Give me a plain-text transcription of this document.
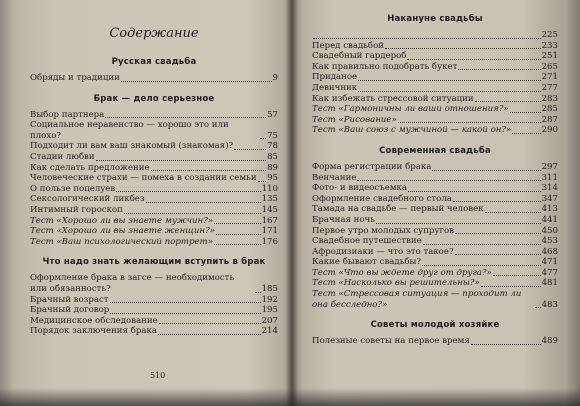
Содержание
Русская свадьба
Обряды и традиции	9
Брак — дело серьезное
Выбор партнера	57
Социальное неравенство — хорошо это или плохо?	75
Подходит ли вам ваш знакомый (знакомая)?	78
Стадии любви	85
Как сделать предложение	89
Человеческие страхи — помеха в создании семьи 95
О пользе поцелуев	110
Сексологический ликбез	135
Интимный гороскоп	145
Тест «Хорошо ли вы знаете мужчин?»	167
Тест «Хорошо ли вы знаете женщин?»	171
Тест «Ваш психологический портрет»	176
Что надо знать желающим вступить в брак
Оформление брака в загсе — необходимость или обязанность?	185
Брачный возраст	192
Брачный договор	195
Медицинское обследование	207
Порядок заключения брака	214
510
Накануне свадьбы
225
Перед свадьбой	233
Свадебный гардероб	251
Как правильно подобрать букет	265
Приданое	271
Девичник	277
Как избежать стрессовой ситуации	283
Тест «Гармоничны ли ваши отношения?»	285
Тест «Рисование»	287
Тест «Ваш союз с мужчиной — какой он?»	290
Современная свадьба
Форма регистрации брака	297
Венчание	311
Фото- и видеосъемка	314
Оформление свадебного стола	347
Тамада на свадьбе — первый человек	413
Брачная ночь	441
Первое утро молодых супругов	450
Свадебное путешествие	453
Афродизиаки — что это такое?	468
Какие бывают свадьбы?	471
Тест «Что вы ждете друг от друга?»	477
Тест «Насколько вы решительны?»	481
Тест «Стрессовая ситуация — проходит ли она бесследно?»	483
Советы молодой хозяйке
Полезные советы на первое время	489
